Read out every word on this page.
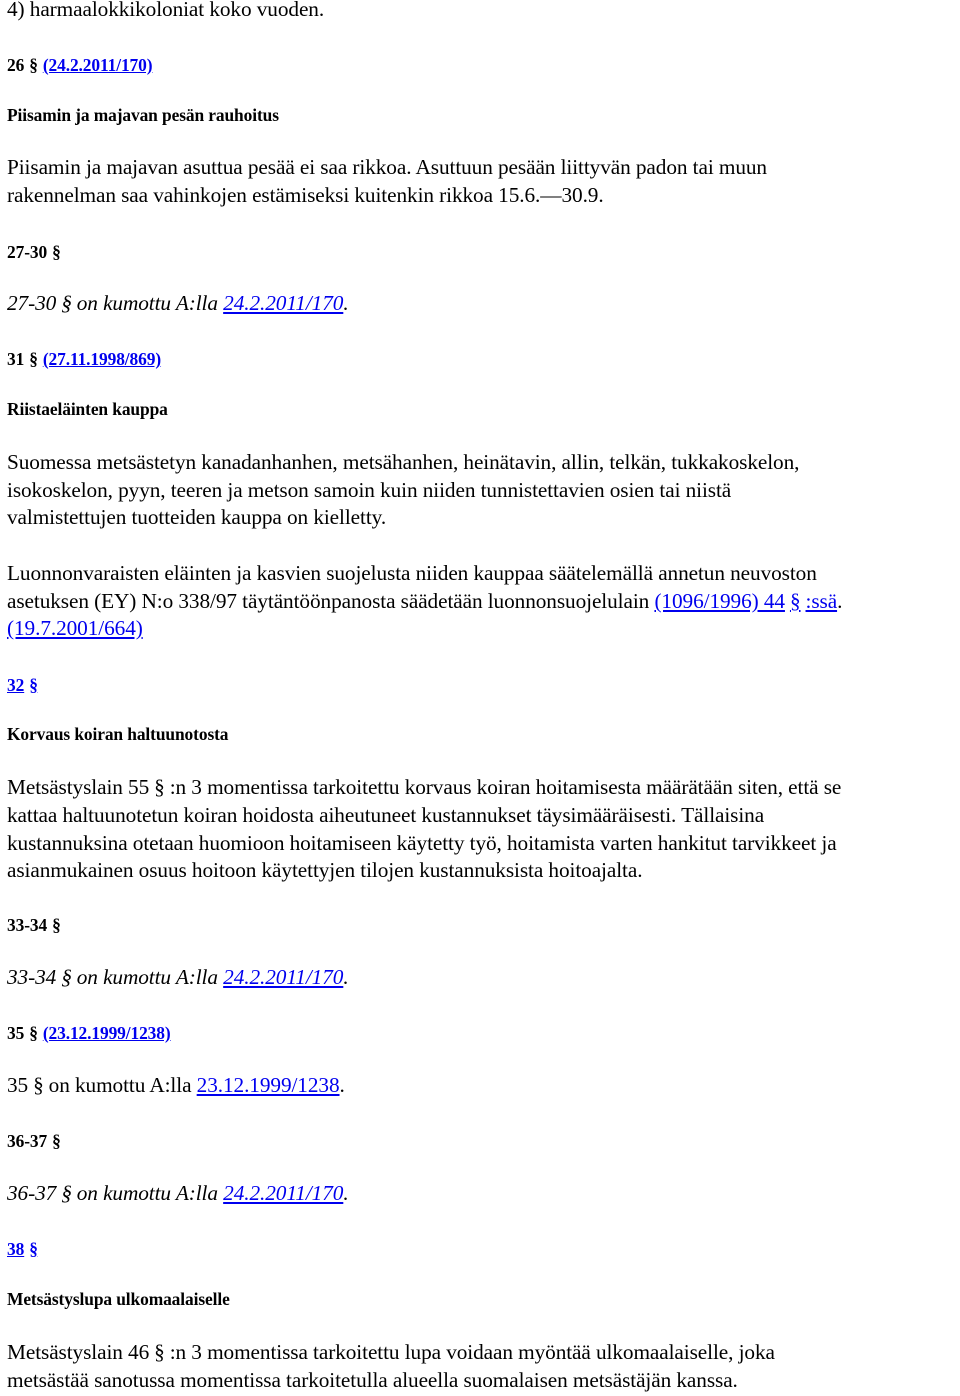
4) harmaalokkikoloniat koko vuoden.

26 § (24.2.2011/170)

Piisamin ja majavan pesän rauhoitus

Piisamin ja majavan asuttua pesää ei saa rikkoa. Asuttuun pesään liittyvän padon tai muun

rakennelman saa vahinkojen estämiseksi kuitenkin rikkoa 15.6.—30.9.

27-30 §

27-30 § on kumottu A:lla 24.2.2011/170.

31 § (27.11.1998/869)

Riistaeläinten kauppa

Suomessa metsästetyn kanadanhanhen, metsähanhen, heinätavin, allin, telkän, tukkakoskelon,

isokoskelon, pyyn, teeren ja metson samoin kuin niiden tunnistettavien osien tai niistä

valmistettujen tuotteiden kauppa on kielletty.

Luonnonvaraisten eläinten ja kasvien suojelusta niiden kauppaa säätelemällä annetun neuvoston

asetuksen (EY) N:o 338/97 täytäntöönpanosta säädetään luonnonsuojelulain (1096/1996) 44 § :ssä.

(19.7.2001/664)

32 §

Korvaus koiran haltuunotosta

Metsästyslain 55 § :n 3 momentissa tarkoitettu korvaus koiran hoitamisesta määrätään siten, että se

kattaa haltuunotetun koiran hoidosta aiheutuneet kustannukset täysimääräisesti. Tällaisina

kustannuksina otetaan huomioon hoitamiseen käytetty työ, hoitamista varten hankitut tarvikkeet ja

asianmukainen osuus hoitoon käytettyjen tilojen kustannuksista hoitoajalta.

33-34 §

33-34 § on kumottu A:lla 24.2.2011/170.

35 § (23.12.1999/1238)

35 § on kumottu A:lla 23.12.1999/1238.

36-37 §

36-37 § on kumottu A:lla 24.2.2011/170.

38 §

Metsästyslupa ulkomaalaiselle

Metsästyslain 46 § :n 3 momentissa tarkoitettu lupa voidaan myöntää ulkomaalaiselle, joka

metsästää sanotussa momentissa tarkoitetulla alueella suomalaisen metsästäjän kanssa.
